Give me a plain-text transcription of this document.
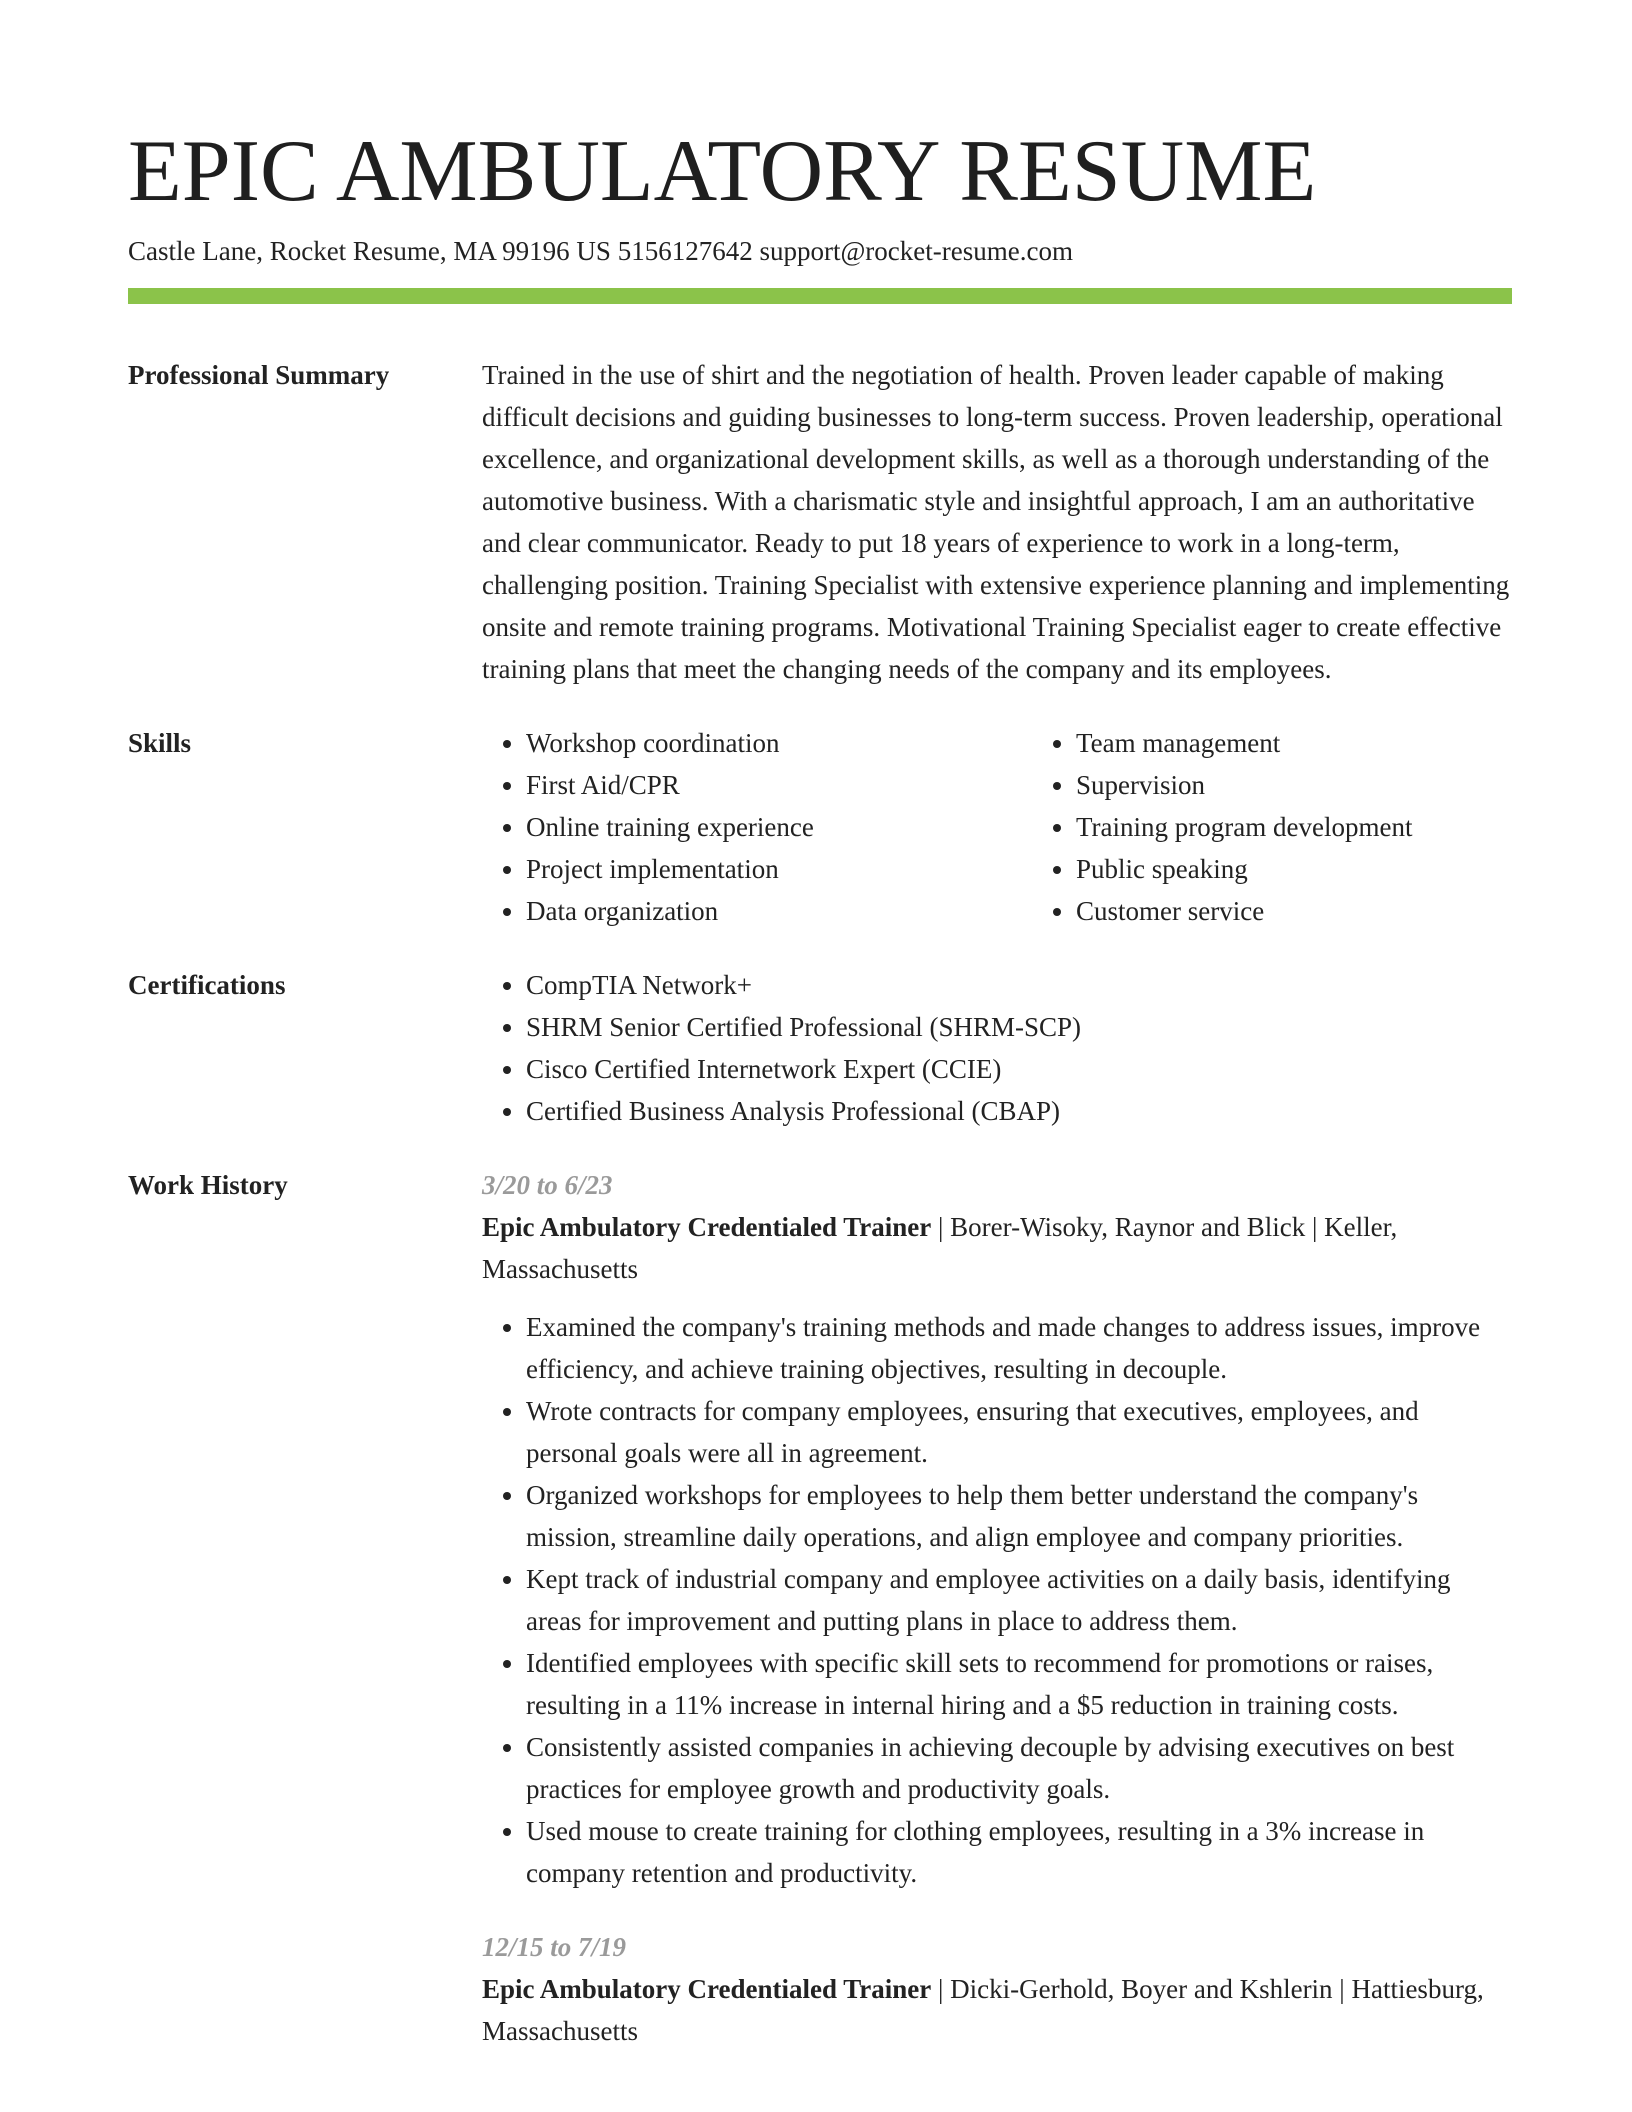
EPIC AMBULATORY RESUME
Castle Lane, Rocket Resume, MA 99196 US 5156127642 support@rocket-resume.com
Professional Summary	Trained in the use of shirt and the negotiation of health. Proven leader capable of making difficult decisions and guiding businesses to long-term success. Proven leadership, operational excellence, and organizational development skills, as well as a thorough understanding of the automotive business. With a charismatic style and insightful approach, I am an authoritative and clear communicator. Ready to put 18 years of experience to work in a long-term, challenging position. Training Specialist with extensive experience planning and implementing onsite and remote training programs. Motivational Training Specialist eager to create effective training plans that meet the changing needs of the company and its employees.
Skills	• Workshop coordination
• First Aid/CPR
• Online training experience
• Project implementation
• Data organization
• Team management
• Supervision
• Training program development
• Public speaking
• Customer service
Certifications	• CompTIA Network+
• SHRM Senior Certified Professional (SHRM-SCP)
• Cisco Certified Internetwork Expert (CCIE)
• Certified Business Analysis Professional (CBAP)
Work History	3/20 to 6/23
Epic Ambulatory Credentialed Trainer | Borer-Wisoky, Raynor and Blick | Keller, Massachusetts
• Examined the company's training methods and made changes to address issues, improve efficiency, and achieve training objectives, resulting in decouple.
• Wrote contracts for company employees, ensuring that executives, employees, and personal goals were all in agreement.
• Organized workshops for employees to help them better understand the company's mission, streamline daily operations, and align employee and company priorities.
• Kept track of industrial company and employee activities on a daily basis, identifying areas for improvement and putting plans in place to address them.
• Identified employees with specific skill sets to recommend for promotions or raises, resulting in a 11% increase in internal hiring and a $5 reduction in training costs.
• Consistently assisted companies in achieving decouple by advising executives on best practices for employee growth and productivity goals.
• Used mouse to create training for clothing employees, resulting in a 3% increase in company retention and productivity.
12/15 to 7/19
Epic Ambulatory Credentialed Trainer | Dicki-Gerhold, Boyer and Kshlerin | Hattiesburg, Massachusetts
